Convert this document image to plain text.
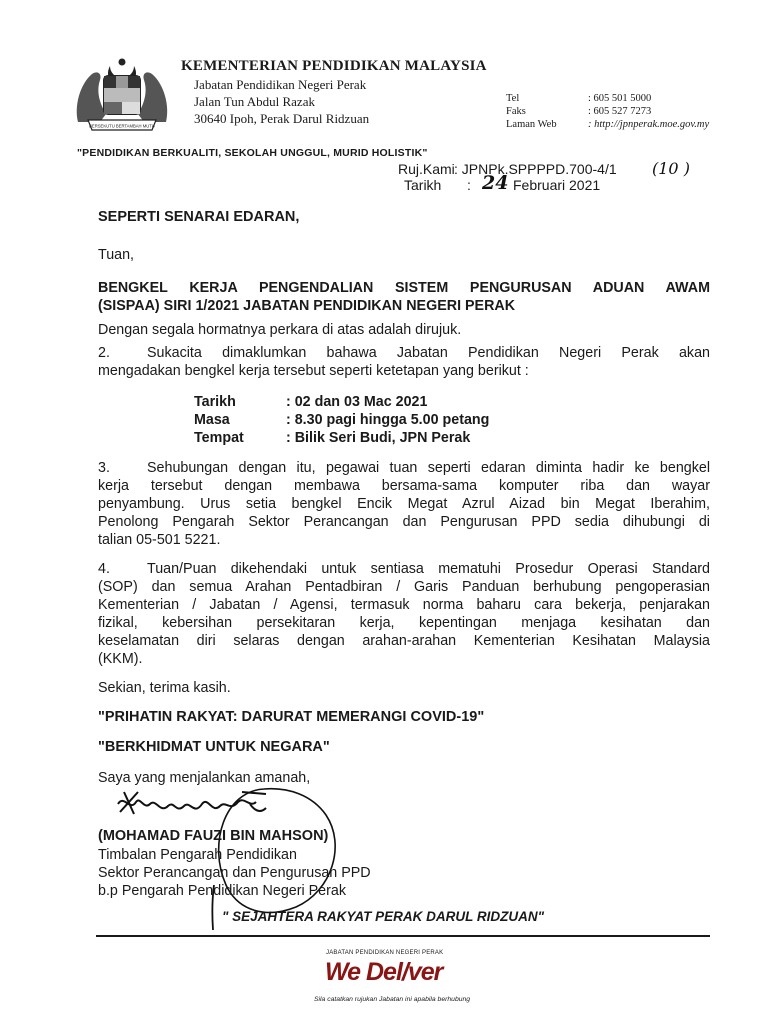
BERSEKUTU BERTAMBAH MUTU
KEMENTERIAN PENDIDIKAN MALAYSIA
Jabatan Pendidikan Negeri Perak
Jalan Tun Abdul Razak
30640 Ipoh, Perak Darul Ridzuan
Tel	: 605 501 5000
Faks	: 605 527 7273
Laman Web	: http://jpnperak.moe.gov.my
"PENDIDIKAN BERKUALITI, SEKOLAH UNGGUL, MURID HOLISTIK"
Ruj.Kami : JPNPk.SPPPPD.700-4/1 (10 )
Tarikh : 24 Februari 2021
SEPERTI SENARAI EDARAN,
Tuan,
BENGKEL KERJA PENGENDALIAN SISTEM PENGURUSAN ADUAN AWAM
(SISPAA) SIRI 1/2021 JABATAN PENDIDIKAN NEGERI PERAK
Dengan segala hormatnya perkara di atas adalah dirujuk.
2.	Sukacita dimaklumkan bahawa Jabatan Pendidikan Negeri Perak akan
mengadakan bengkel kerja tersebut seperti ketetapan yang berikut :
Tarikh	: 02 dan 03 Mac 2021
Masa	: 8.30 pagi hingga 5.00 petang
Tempat	: Bilik Seri Budi, JPN Perak
3.	Sehubungan dengan itu, pegawai tuan seperti edaran diminta hadir ke bengkel
kerja tersebut dengan membawa bersama-sama komputer riba dan wayar
penyambung. Urus setia bengkel Encik Megat Azrul Aizad bin Megat Iberahim,
Penolong Pengarah Sektor Perancangan dan Pengurusan PPD sedia dihubungi di
talian 05-501 5221.
4.	Tuan/Puan dikehendaki untuk sentiasa mematuhi Prosedur Operasi Standard
(SOP) dan semua Arahan Pentadbiran / Garis Panduan berhubung pengoperasian
Kementerian / Jabatan / Agensi, termasuk norma baharu cara bekerja, penjarakan
fizikal, kebersihan persekitaran kerja, kepentingan menjaga kesihatan dan
keselamatan diri selaras dengan arahan-arahan Kementerian Kesihatan Malaysia
(KKM).
Sekian, terima kasih.
"PRIHATIN RAKYAT: DARURAT MEMERANGI COVID-19"
"BERKHIDMAT UNTUK NEGARA"
Saya yang menjalankan amanah,
(MOHAMAD FAUZI BIN MAHSON)
Timbalan Pengarah Pendidikan
Sektor Perancangan dan Pengurusan PPD
b.p Pengarah Pendidikan Negeri Perak
" SEJAHTERA RAKYAT PERAK DARUL RIDZUAN"
JABATAN PENDIDIKAN NEGERI PERAK
We Del/ver
Sila catatkan rujukan Jabatan ini apabila berhubung
